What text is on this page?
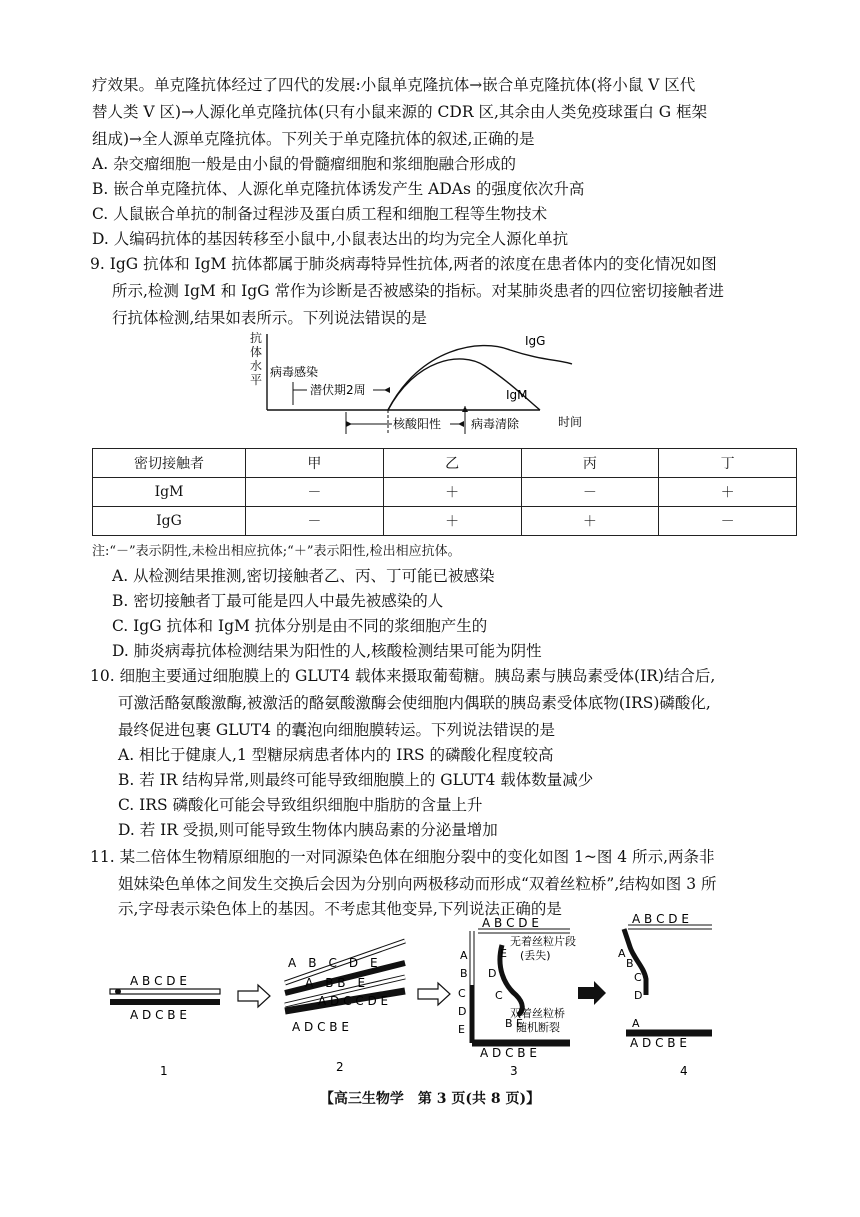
疗效果。单克隆抗体经过了四代的发展:小鼠单克隆抗体→嵌合单克隆抗体(将小鼠 V 区代
替人类 V 区)→人源化单克隆抗体(只有小鼠来源的 CDR 区,其余由人类免疫球蛋白 G 框架
组成)→全人源单克隆抗体。下列关于单克隆抗体的叙述,正确的是
A. 杂交瘤细胞一般是由小鼠的骨髓瘤细胞和浆细胞融合形成的
B. 嵌合单克隆抗体、人源化单克隆抗体诱发产生 ADAs 的强度依次升高
C. 人鼠嵌合单抗的制备过程涉及蛋白质工程和细胞工程等生物技术
D. 人编码抗体的基因转移至小鼠中,小鼠表达出的均为完全人源化单抗
9. IgG 抗体和 IgM 抗体都属于肺炎病毒特异性抗体,两者的浓度在患者体内的变化情况如图
所示,检测 IgM 和 IgG 常作为诊断是否被感染的指标。对某肺炎患者的四位密切接触者进
行抗体检测,结果如表所示。下列说法错误的是
抗
体
水
平
IgG
IgM
病毒感染
潜伏期2周
核酸阳性 病毒清除	时间
密切接触者	甲	乙	丙	丁
IgM	－	＋	－	＋
IgG	－	＋	＋	－
注:“－”表示阴性,未检出相应抗体;“＋”表示阳性,检出相应抗体。
A. 从检测结果推测,密切接触者乙、丙、丁可能已被感染
B. 密切接触者丁最可能是四人中最先被感染的人
C. IgG 抗体和 IgM 抗体分别是由不同的浆细胞产生的
D. 肺炎病毒抗体检测结果为阳性的人,核酸检测结果可能为阴性
10. 细胞主要通过细胞膜上的 GLUT4 载体来摄取葡萄糖。胰岛素与胰岛素受体(IR)结合后,
可激活酪氨酸激酶,被激活的酪氨酸激酶会使细胞内偶联的胰岛素受体底物(IRS)磷酸化,
最终促进包裹 GLUT4 的囊泡向细胞膜转运。下列说法错误的是
A. 相比于健康人,1 型糖尿病患者体内的 IRS 的磷酸化程度较高
B. 若 IR 结构异常,则最终可能导致细胞膜上的 GLUT4 载体数量减少
C. IRS 磷酸化可能会导致组织细胞中脂肪的含量上升
D. 若 IR 受损,则可能导致生物体内胰岛素的分泌量增加
11. 某二倍体生物精原细胞的一对同源染色体在细胞分裂中的变化如图 1~图 4 所示,两条非
姐妹染色单体之间发生交换后会因为分别向两极移动而形成“双着丝粒桥”,结构如图 3 所
示,字母表示染色体上的基因。不考虑其他变异,下列说法正确的是
A B C D E
A D C B E
1
A　B　C　D　E
A　B B　E
A D C C D E
A D C B E
2
A B C D E
A
B
C
D
E
A D C B E
E
D
C
B E
无着丝粒片段
(丢失)
双着丝粒桥
随机断裂
3
A B C D E
A
B
C
D
A
A D C B E
4
【高三生物学　第 3 页(共 8 页)】
